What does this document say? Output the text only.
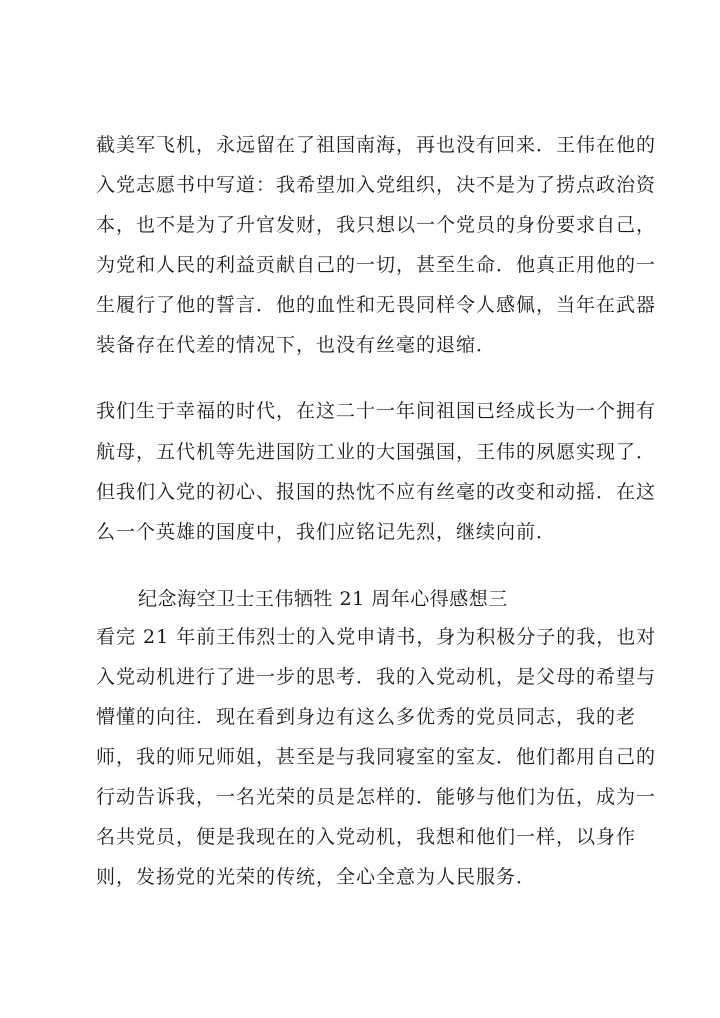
截美军飞机，永远留在了祖国南海，再也没有回来．王伟在他的
入党志愿书中写道：我希望加入党组织，决不是为了捞点政治资
本，也不是为了升官发财，我只想以一个党员的身份要求自己，
为党和人民的利益贡献自己的一切，甚至生命．他真正用他的一
生履行了他的誓言．他的血性和无畏同样令人感佩，当年在武器
装备存在代差的情况下，也没有丝毫的退缩．
我们生于幸福的时代，在这二十一年间祖国已经成长为一个拥有
航母，五代机等先进国防工业的大国强国，王伟的夙愿实现了．
但我们入党的初心、报国的热忱不应有丝毫的改变和动摇．在这
么一个英雄的国度中，我们应铭记先烈，继续向前．
纪念海空卫士王伟牺牲 21 周年心得感想三
看完 21 年前王伟烈士的入党申请书，身为积极分子的我，也对
入党动机进行了进一步的思考．我的入党动机，是父母的希望与
懵懂的向往．现在看到身边有这么多优秀的党员同志，我的老
师，我的师兄师姐，甚至是与我同寝室的室友．他们都用自己的
行动告诉我，一名光荣的员是怎样的．能够与他们为伍，成为一
名共党员，便是我现在的入党动机，我想和他们一样，以身作
则，发扬党的光荣的传统，全心全意为人民服务．
